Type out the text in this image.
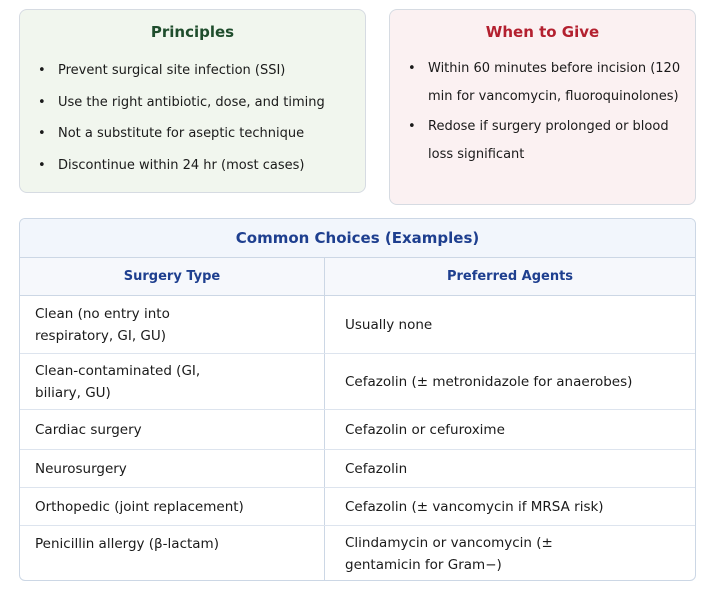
Principles
• Prevent surgical site infection (SSI)
• Use the right antibiotic, dose, and timing
• Not a substitute for aseptic technique
• Discontinue within 24 hr (most cases)
When to Give
• Within 60 minutes before incision (120 min for vancomycin, fluoroquinolones)
• Redose if surgery prolonged or blood loss significant
Common Choices (Examples)
Surgery Type	Preferred Agents
Clean (no entry into respiratory, GI, GU)	Usually none
Clean-contaminated (GI, biliary, GU)	Cefazolin (± metronidazole for anaerobes)
Cardiac surgery	Cefazolin or cefuroxime
Neurosurgery	Cefazolin
Orthopedic (joint replacement)	Cefazolin (± vancomycin if MRSA risk)
Penicillin allergy (β-lactam)	Clindamycin or vancomycin (± gentamicin for Gram−)
